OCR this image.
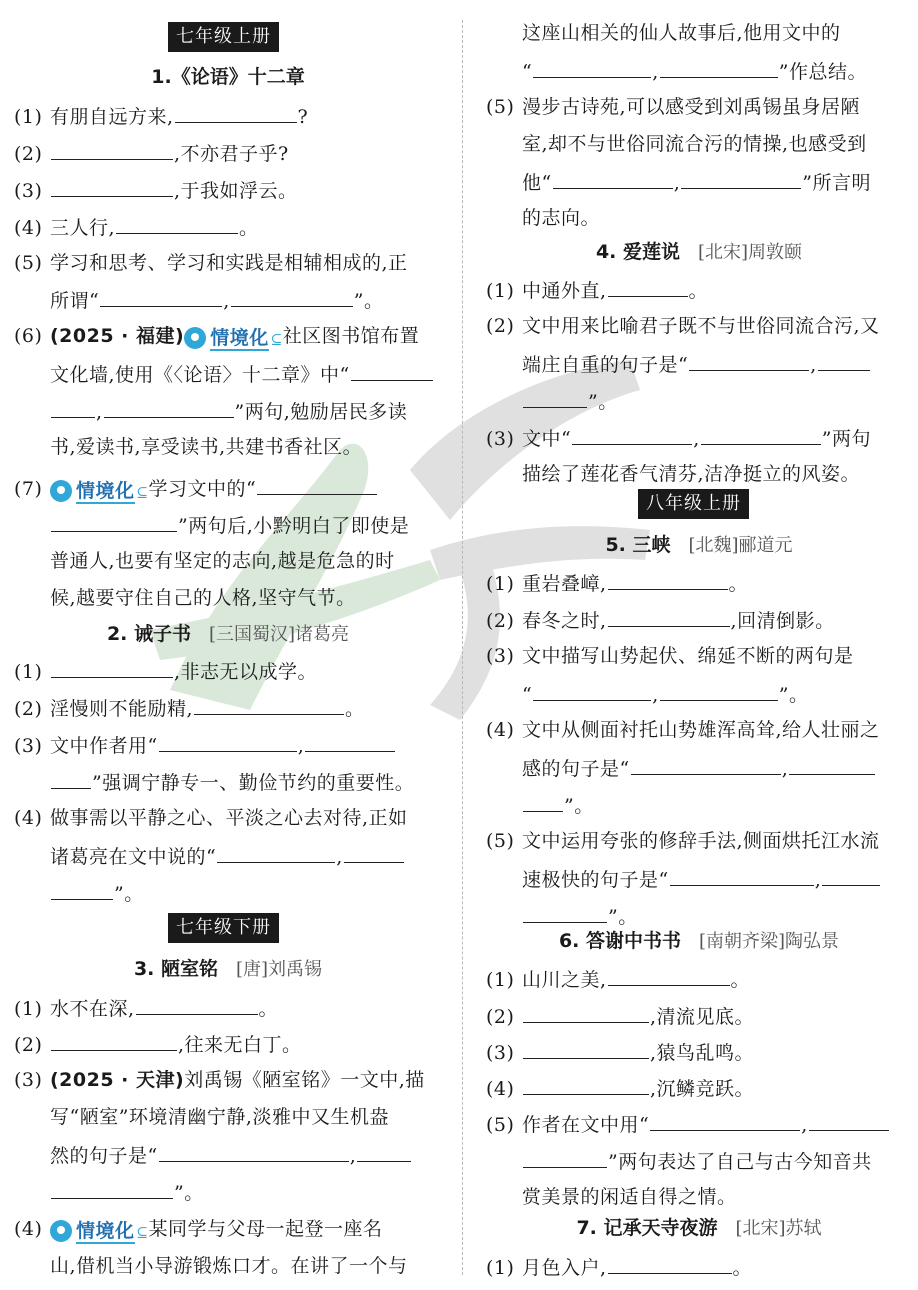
七年级上册
1.《论语》十二章
(1) 有朋自远方来,	?
(2)	,不亦君子乎?
(3)	,于我如浮云。
(4) 三人行,	。
(5) 学习和思考、学习和实践是相辅相成的,正
所谓“	,	”。
(6) (2025 · 福建) 情境化 ⊆ 社区图书馆布置
文化墙,使用《〈论语〉十二章》中“
,	”两句,勉励居民多读
书,爱读书,享受读书,共建书香社区。
(7) 情境化 ⊆ 学习文中的“
”两句后,小黔明白了即使是
普通人,也要有坚定的志向,越是危急的时
候,越要守住自己的人格,坚守气节。
2. 诫子书 [三国蜀汉]诸葛亮
(1)	,非志无以成学。
(2) 淫慢则不能励精,	。
(3) 文中作者用“	,
”强调宁静专一、勤俭节约的重要性。
(4) 做事需以平静之心、平淡之心去对待,正如
诸葛亮在文中说的“	,
”。
七年级下册
3. 陋室铭 [唐]刘禹锡
(1) 水不在深,	。
(2)	,往来无白丁。
(3) (2025 · 天津)刘禹锡《陋室铭》一文中,描
写“陋室”环境清幽宁静,淡雅中又生机盎
然的句子是“	,
”。
(4) 情境化 ⊆ 某同学与父母一起登一座名
山,借机当小导游锻炼口才。在讲了一个与
这座山相关的仙人故事后,他用文中的
“	,	”作总结。
(5) 漫步古诗苑,可以感受到刘禹锡虽身居陋
室,却不与世俗同流合污的情操,也感受到
他“	,	”所言明
的志向。
4. 爱莲说 [北宋]周敦颐
(1) 中通外直,	。
(2) 文中用来比喻君子既不与世俗同流合污,又
端庄自重的句子是“	,
”。
(3) 文中“	,	”两句
描绘了莲花香气清芬,洁净挺立的风姿。
八年级上册
5. 三峡 [北魏]郦道元
(1) 重岩叠嶂,	。
(2) 春冬之时,	,回清倒影。
(3) 文中描写山势起伏、绵延不断的两句是
“	,	”。
(4) 文中从侧面衬托山势雄浑高耸,给人壮丽之
感的句子是“	,
”。
(5) 文中运用夸张的修辞手法,侧面烘托江水流
速极快的句子是“	,
”。
6. 答谢中书书 [南朝齐梁]陶弘景
(1) 山川之美,	。
(2)	,清流见底。
(3)	,猿鸟乱鸣。
(4)	,沉鳞竞跃。
(5) 作者在文中用“	,
”两句表达了自己与古今知音共
赏美景的闲适自得之情。
7. 记承天寺夜游 [北宋]苏轼
(1) 月色入户,	。
